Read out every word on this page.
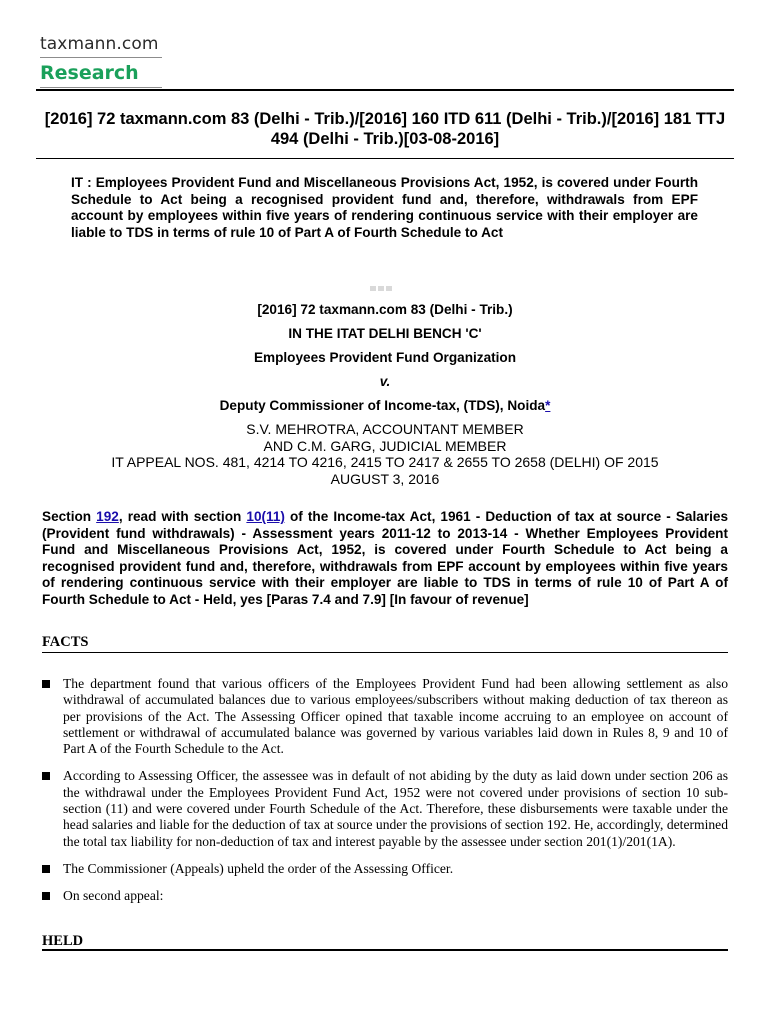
taxmann.com
Research
[2016] 72 taxmann.com 83 (Delhi - Trib.)/[2016] 160 ITD 611 (Delhi - Trib.)/[2016] 181 TTJ 494 (Delhi - Trib.)[03-08-2016]
IT : Employees Provident Fund and Miscellaneous Provisions Act, 1952, is covered under Fourth Schedule to Act being a recognised provident fund and, therefore, withdrawals from EPF account by employees within five years of rendering continuous service with their employer are liable to TDS in terms of rule 10 of Part A of Fourth Schedule to Act
[2016] 72 taxmann.com 83 (Delhi - Trib.)
IN THE ITAT DELHI BENCH 'C'
Employees Provident Fund Organization
v.
Deputy Commissioner of Income-tax, (TDS), Noida*
S.V. MEHROTRA, ACCOUNTANT MEMBER
AND C.M. GARG, JUDICIAL MEMBER
IT APPEAL NOS. 481, 4214 TO 4216, 2415 TO 2417 & 2655 TO 2658 (DELHI) OF 2015
AUGUST 3, 2016
Section 192, read with section 10(11) of the Income-tax Act, 1961 - Deduction of tax at source - Salaries (Provident fund withdrawals) - Assessment years 2011-12 to 2013-14 - Whether Employees Provident Fund and Miscellaneous Provisions Act, 1952, is covered under Fourth Schedule to Act being a recognised provident fund and, therefore, withdrawals from EPF account by employees within five years of rendering continuous service with their employer are liable to TDS in terms of rule 10 of Part A of Fourth Schedule to Act - Held, yes [Paras 7.4 and 7.9] [In favour of revenue]
FACTS
The department found that various officers of the Employees Provident Fund had been allowing settlement as also withdrawal of accumulated balances due to various employees/subscribers without making deduction of tax thereon as per provisions of the Act. The Assessing Officer opined that taxable income accruing to an employee on account of settlement or withdrawal of accumulated balance was governed by various variables laid down in Rules 8, 9 and 10 of Part A of the Fourth Schedule to the Act.
According to Assessing Officer, the assessee was in default of not abiding by the duty as laid down under section 206 as the withdrawal under the Employees Provident Fund Act, 1952 were not covered under provisions of section 10 sub-section (11) and were covered under Fourth Schedule of the Act. Therefore, these disbursements were taxable under the head salaries and liable for the deduction of tax at source under the provisions of section 192. He, accordingly, determined the total tax liability for non-deduction of tax and interest payable by the assessee under section 201(1)/201(1A).
The Commissioner (Appeals) upheld the order of the Assessing Officer.
On second appeal:
HELD
